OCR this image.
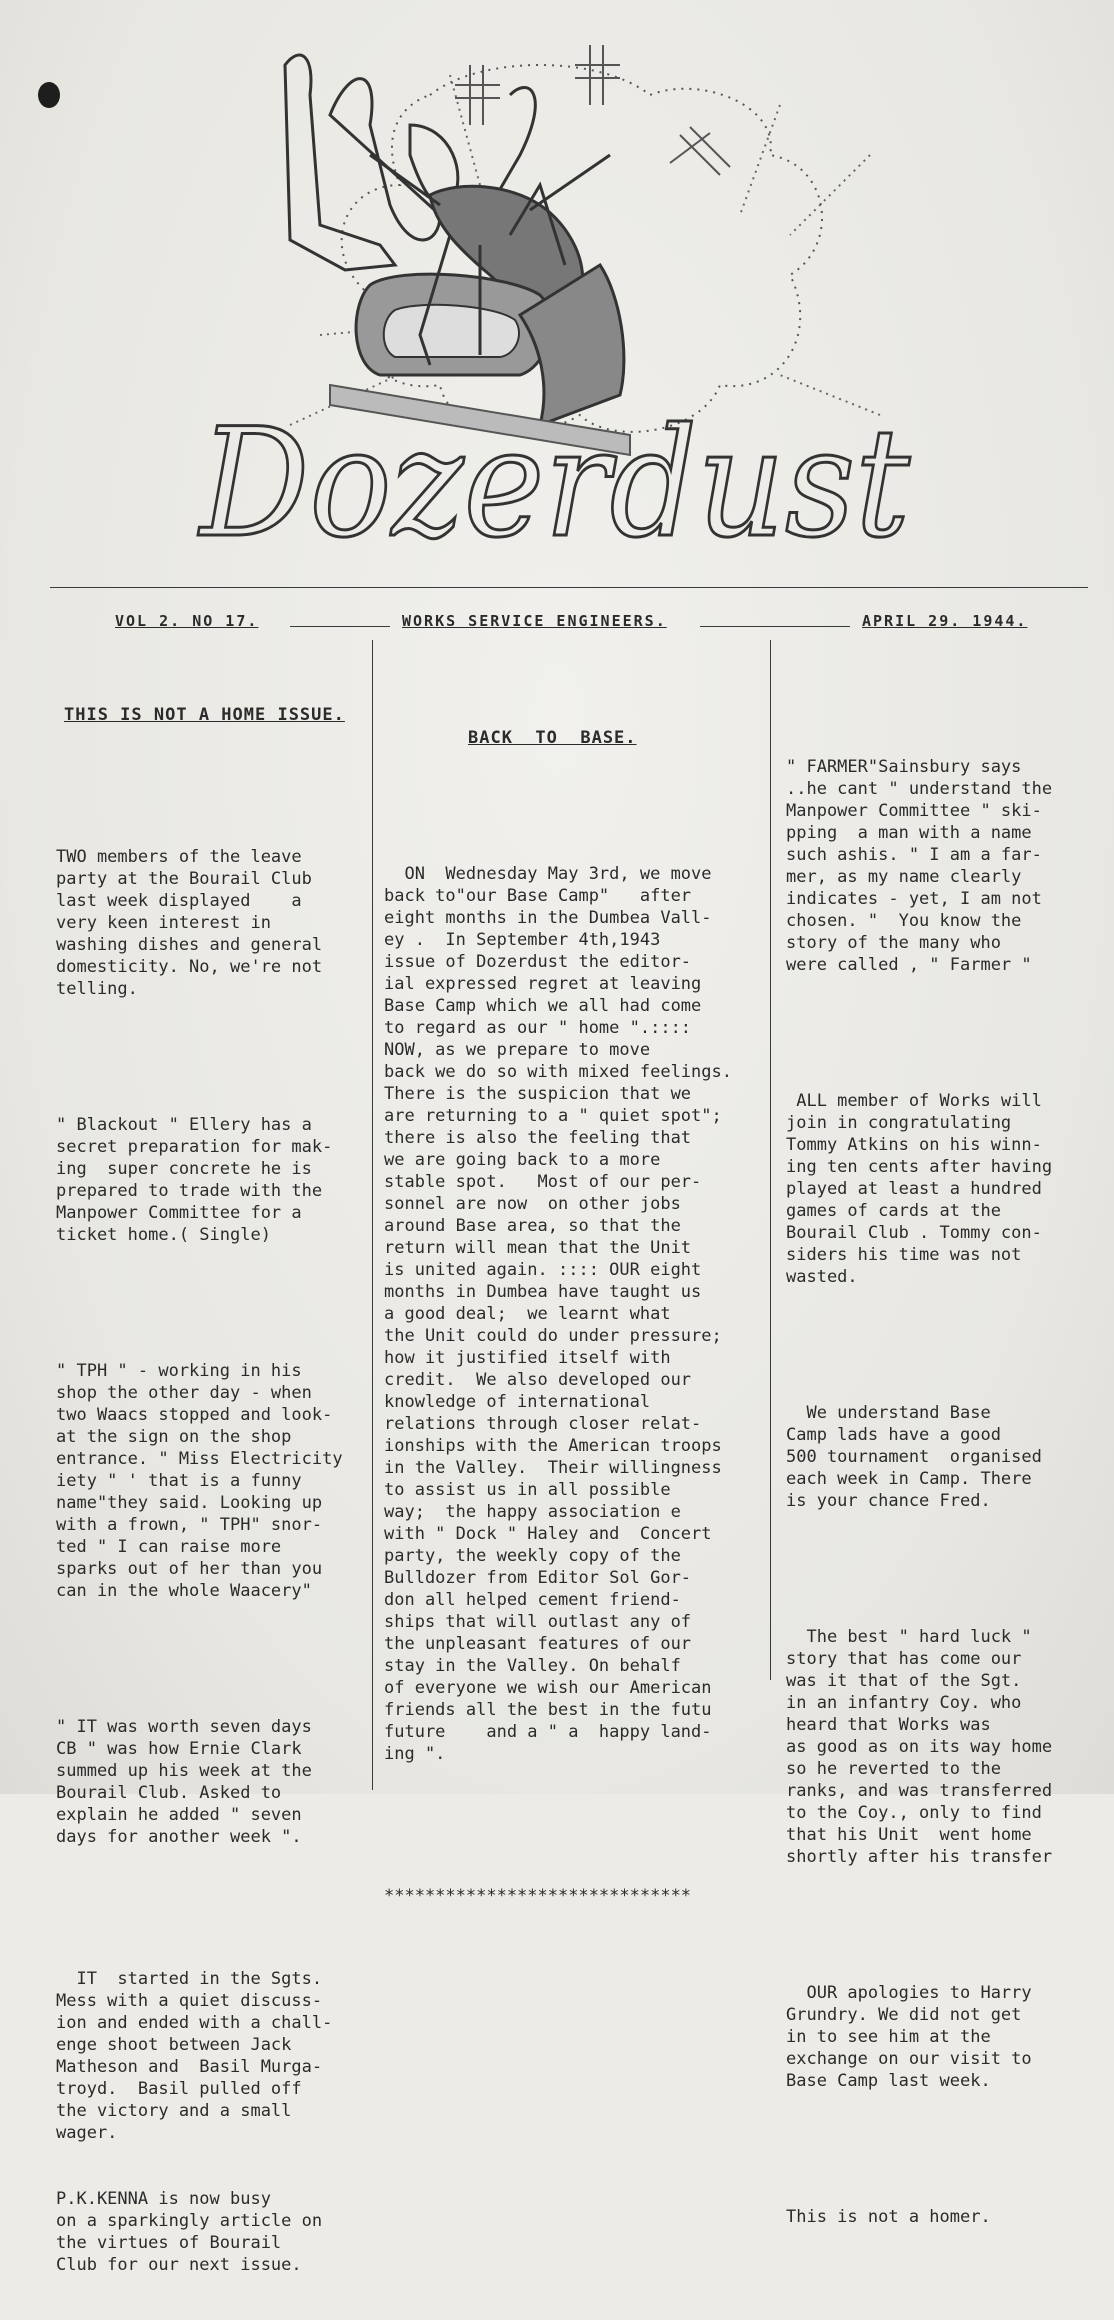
Dozerdust
VOL 2. NO 17.	WORKS SERVICE ENGINEERS.	APRIL 29. 1944.

THIS IS NOT A HOME ISSUE.

TWO members of the leave
party at the Bourail Club
last week displayed    a
very keen interest in
washing dishes and general
domesticity. No, we're not
telling.

" Blackout " Ellery has a
secret preparation for mak-
ing  super concrete he is
prepared to trade with the
Manpower Committee for a
ticket home.( Single)

" TPH " - working in his
shop the other day - when
two Waacs stopped and look-
at the sign on the shop
entrance. " Miss Electricity
iety " ' that is a funny
name"they said. Looking up
with a frown, " TPH" snor-
ted " I can raise more
sparks out of her than you
can in the whole Waacery"

" IT was worth seven days
CB " was how Ernie Clark
summed up his week at the
Bourail Club. Asked to
explain he added " seven
days for another week ".

IT  started in the Sgts.
Mess with a quiet discuss-
ion and ended with a chall-
enge shoot between Jack
Matheson and  Basil Murga-
troyd.  Basil pulled off
the victory and a small
wager.

P.K.KENNA is now busy
on a sparkingly article on
the virtues of Bourail
Club for our next issue.

BACK  TO  BASE.

ON  Wednesday May 3rd, we move
back to"our Base Camp"   after
eight months in the Dumbea Vall-
ey .  In September 4th,1943
issue of Dozerdust the editor-
ial expressed regret at leaving
Base Camp which we all had come
to regard as our " home ".::::
NOW, as we prepare to move
back we do so with mixed feelings.
There is the suspicion that we
are returning to a " quiet spot";
there is also the feeling that
we are going back to a more
stable spot.   Most of our per-
sonnel are now  on other jobs
around Base area, so that the
return will mean that the Unit
is united again. :::: OUR eight
months in Dumbea have taught us
a good deal;  we learnt what
the Unit could do under pressure;
how it justified itself with
credit.  We also developed our
knowledge of international
relations through closer relat-
ionships with the American troops
in the Valley.  Their willingness
to assist us in all possible
way;  the happy association e
with " Dock " Haley and  Concert
party, the weekly copy of the
Bulldozer from Editor Sol Gor-
don all helped cement friend-
ships that will outlast any of
the unpleasant features of our
stay in the Valley. On behalf
of everyone we wish our American
friends all the best in the futu
future    and a " a  happy land-
ing ".

******************************

" FARMER"Sainsbury says
..he cant " understand the
Manpower Committee " ski-
pping  a man with a name
such ashis. " I am a far-
mer, as my name clearly
indicates - yet, I am not
chosen. "  You know the
story of the many who
were called , " Farmer "

ALL member of Works will
join in congratulating
Tommy Atkins on his winn-
ing ten cents after having
played at least a hundred
games of cards at the
Bourail Club . Tommy con-
siders his time was not
wasted.

We understand Base
Camp lads have a good
500 tournament  organised
each week in Camp. There
is your chance Fred.

The best " hard luck "
story that has come our
was it that of the Sgt.
in an infantry Coy. who
heard that Works was
as good as on its way home
so he reverted to the
ranks, and was transferred
to the Coy., only to find
that his Unit  went home
shortly after his transfer

OUR apologies to Harry
Grundry. We did not get
in to see him at the
exchange on our visit to
Base Camp last week.

This is not a homer.
